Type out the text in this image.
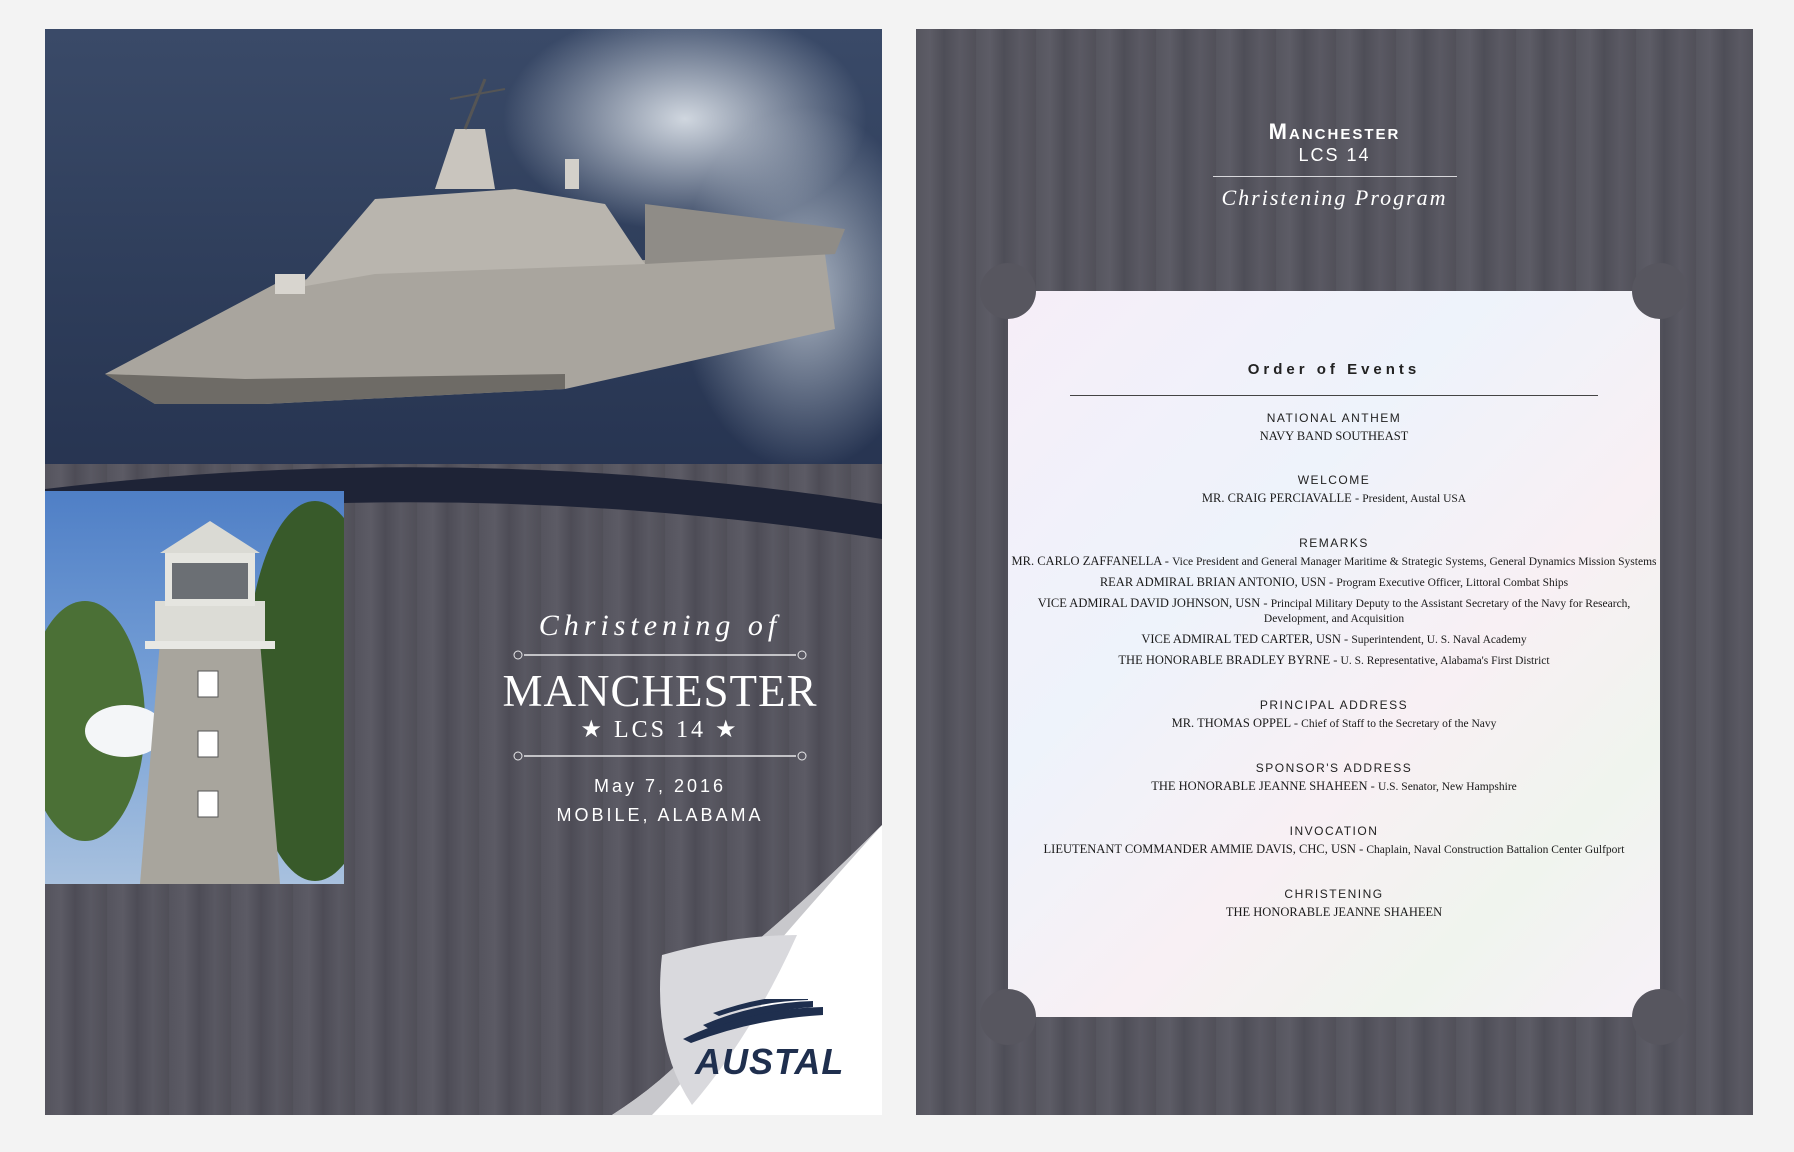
Christening of

MANCHESTER

★ LCS 14 ★

May 7, 2016

MOBILE, ALABAMA

AUSTAL

Manchester

LCS 14

Christening Program

Order of Events

NATIONAL ANTHEM

NAVY BAND SOUTHEAST

WELCOME

MR. CRAIG PERCIAVALLE - President, Austal USA

REMARKS

MR. CARLO ZAFFANELLA - Vice President and General Manager Maritime & Strategic Systems, General Dynamics Mission Systems

REAR ADMIRAL BRIAN ANTONIO, USN - Program Executive Officer, Littoral Combat Ships

VICE ADMIRAL DAVID JOHNSON, USN - Principal Military Deputy to the Assistant Secretary of the Navy for Research, Development, and Acquisition

VICE ADMIRAL TED CARTER, USN - Superintendent, U. S. Naval Academy

THE HONORABLE BRADLEY BYRNE - U. S. Representative, Alabama's First District

PRINCIPAL ADDRESS

MR. THOMAS OPPEL - Chief of Staff to the Secretary of the Navy

SPONSOR'S ADDRESS

THE HONORABLE JEANNE SHAHEEN - U.S. Senator, New Hampshire

INVOCATION

LIEUTENANT COMMANDER AMMIE DAVIS, CHC, USN - Chaplain, Naval Construction Battalion Center Gulfport

CHRISTENING

THE HONORABLE JEANNE SHAHEEN
